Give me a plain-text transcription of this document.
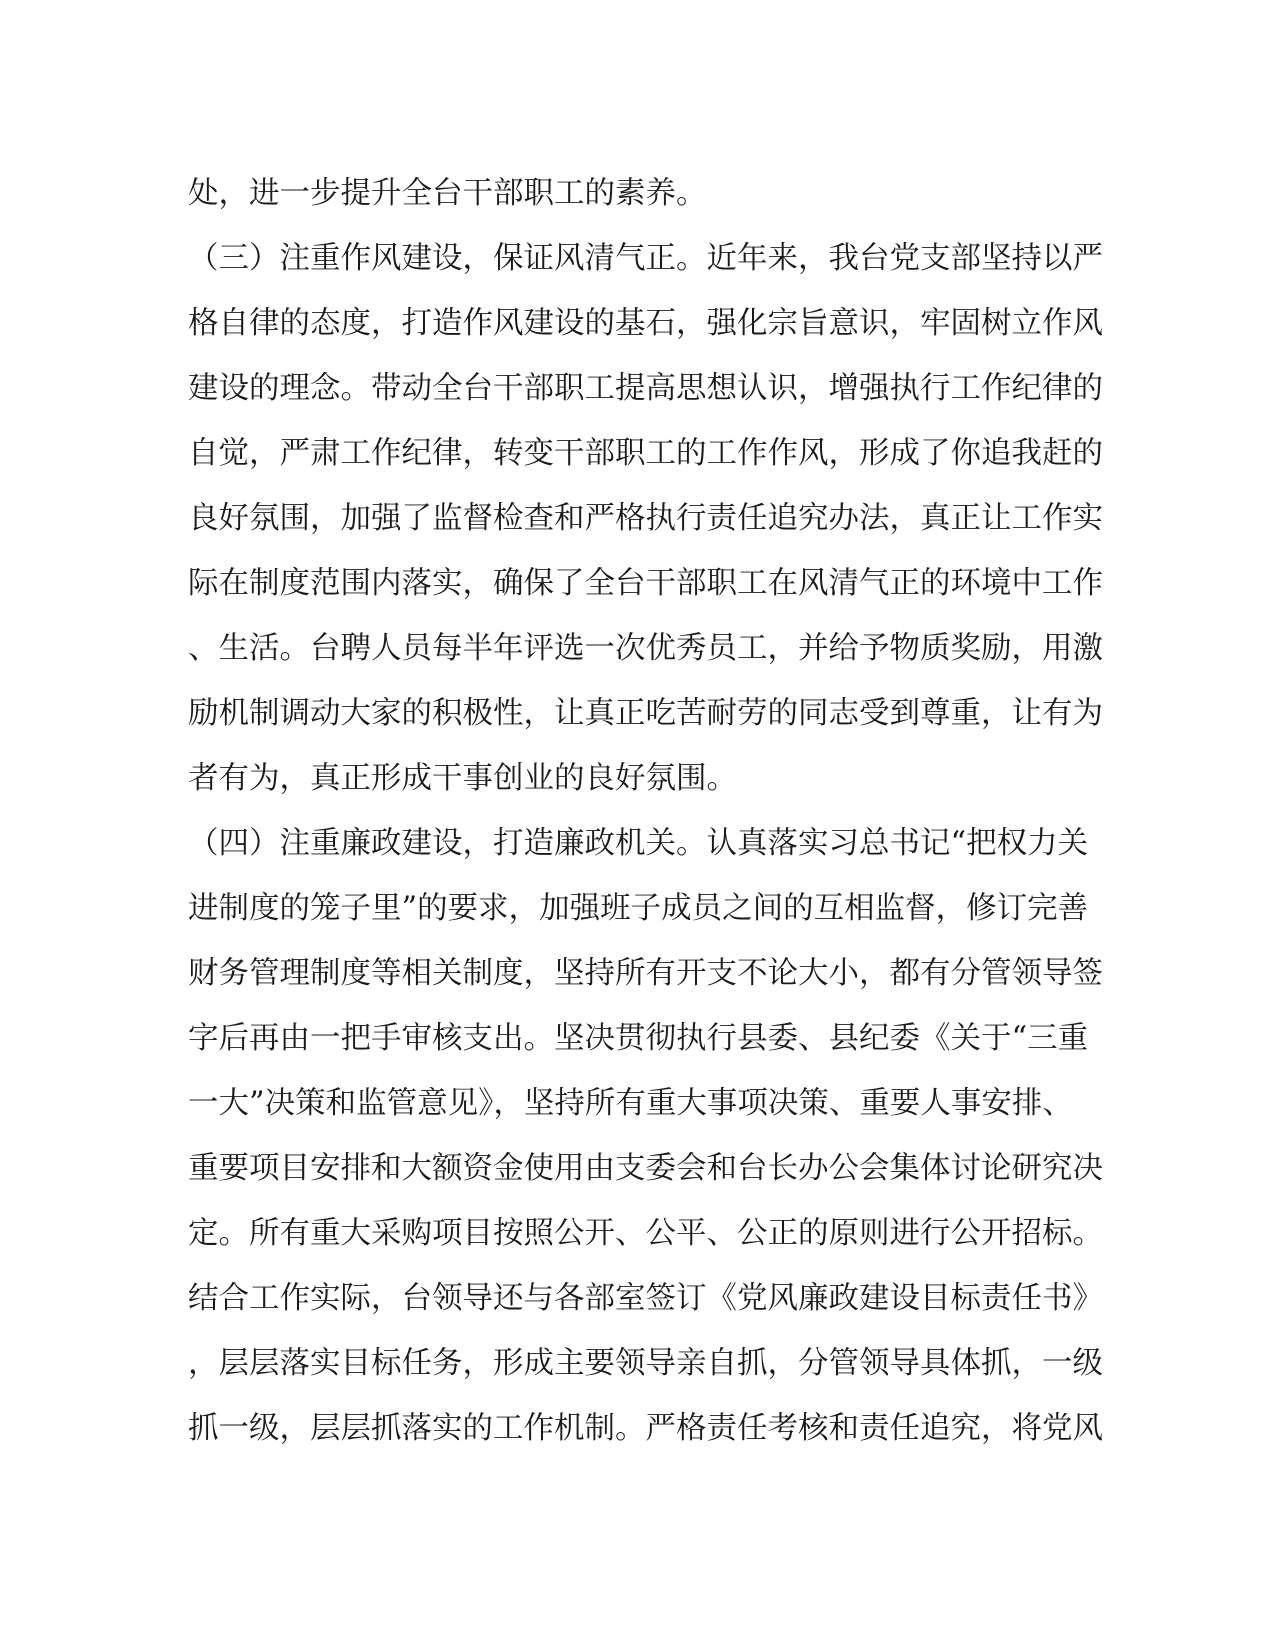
处，进一步提升全台干部职工的素养。
（三）注重作风建设，保证风清气正。近年来，我台党支部坚持以严
格自律的态度，打造作风建设的基石，强化宗旨意识，牢固树立作风
建设的理念。带动全台干部职工提高思想认识，增强执行工作纪律的
自觉，严肃工作纪律，转变干部职工的工作作风，形成了你追我赶的
良好氛围，加强了监督检查和严格执行责任追究办法，真正让工作实
际在制度范围内落实，确保了全台干部职工在风清气正的环境中工作
、生活。台聘人员每半年评选一次优秀员工，并给予物质奖励，用激
励机制调动大家的积极性，让真正吃苦耐劳的同志受到尊重，让有为
者有为，真正形成干事创业的良好氛围。
（四）注重廉政建设，打造廉政机关。认真落实习总书记“把权力关
进制度的笼子里”的要求，加强班子成员之间的互相监督，修订完善
财务管理制度等相关制度，坚持所有开支不论大小，都有分管领导签
字后再由一把手审核支出。坚决贯彻执行县委、县纪委《关于“三重
一大”决策和监管意见》，坚持所有重大事项决策、重要人事安排、
重要项目安排和大额资金使用由支委会和台长办公会集体讨论研究决
定。所有重大采购项目按照公开、公平、公正的原则进行公开招标。
结合工作实际，台领导还与各部室签订《党风廉政建设目标责任书》
，层层落实目标任务，形成主要领导亲自抓，分管领导具体抓，一级
抓一级，层层抓落实的工作机制。严格责任考核和责任追究，将党风
